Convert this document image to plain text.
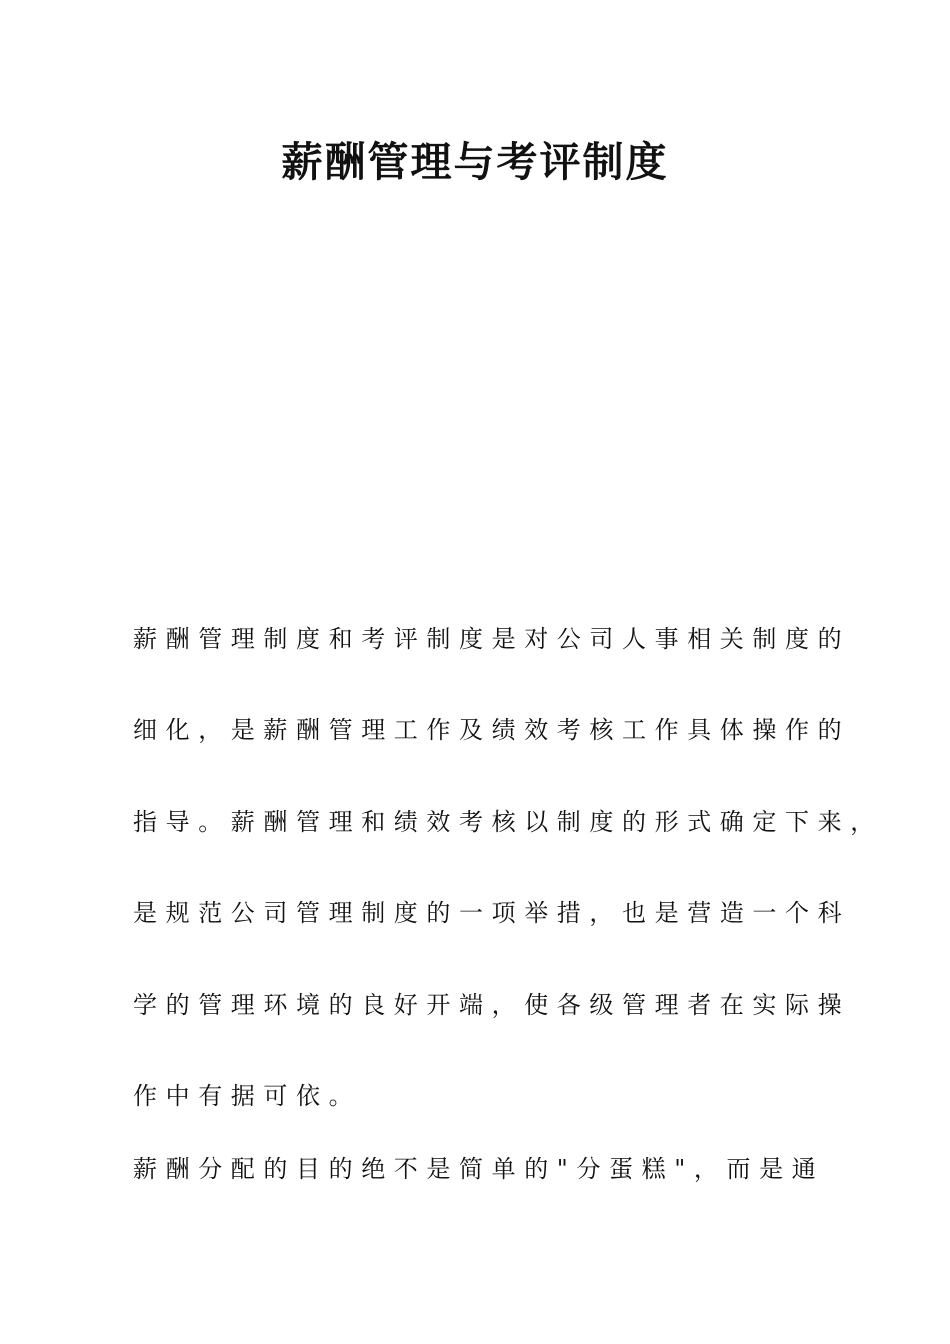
薪酬管理与考评制度

薪酬管理制度和考评制度是对公司人事相关制度的

细化，是薪酬管理工作及绩效考核工作具体操作的

指导。薪酬管理和绩效考核以制度的形式确定下来，

是规范公司管理制度的一项举措，也是营造一个科

学的管理环境的良好开端，使各级管理者在实际操

作中有据可依。

薪酬分配的目的绝不是简单的"分蛋糕"，而是通
